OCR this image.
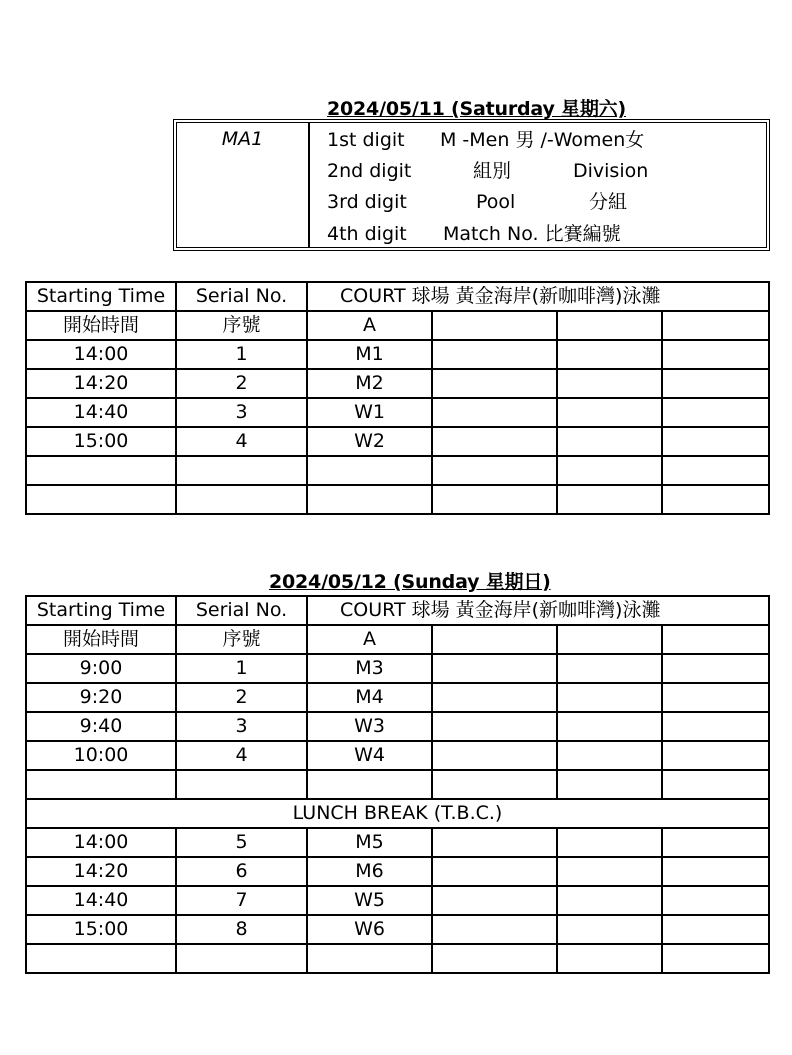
2024/05/11 (Saturday 星期六)
MA1	1st digit M -Men 男 /-Women女
2nd digit	組別	Division
3rd digit	Pool	分組
4th digit Match No. 比賽編號
Starting Time	Serial No.	COURT 球場 黃金海岸(新咖啡灣)泳灘			
開始時間	序號	A			
14:00	1	M1			
14:20	2	M2			
14:40	3	W1			
15:00	4	W2			

2024/05/12 (Sunday 星期日)
Starting Time	Serial No.	COURT 球場 黃金海岸(新咖啡灣)泳灘			
開始時間	序號	A			
9:00	1	M3			
9:20	2	M4			
9:40	3	W3			
10:00	4	W4			

LUNCH BREAK (T.B.C.)					
14:00	5	M5			
14:20	6	M6			
14:40	7	W5			
15:00	8	W6			
